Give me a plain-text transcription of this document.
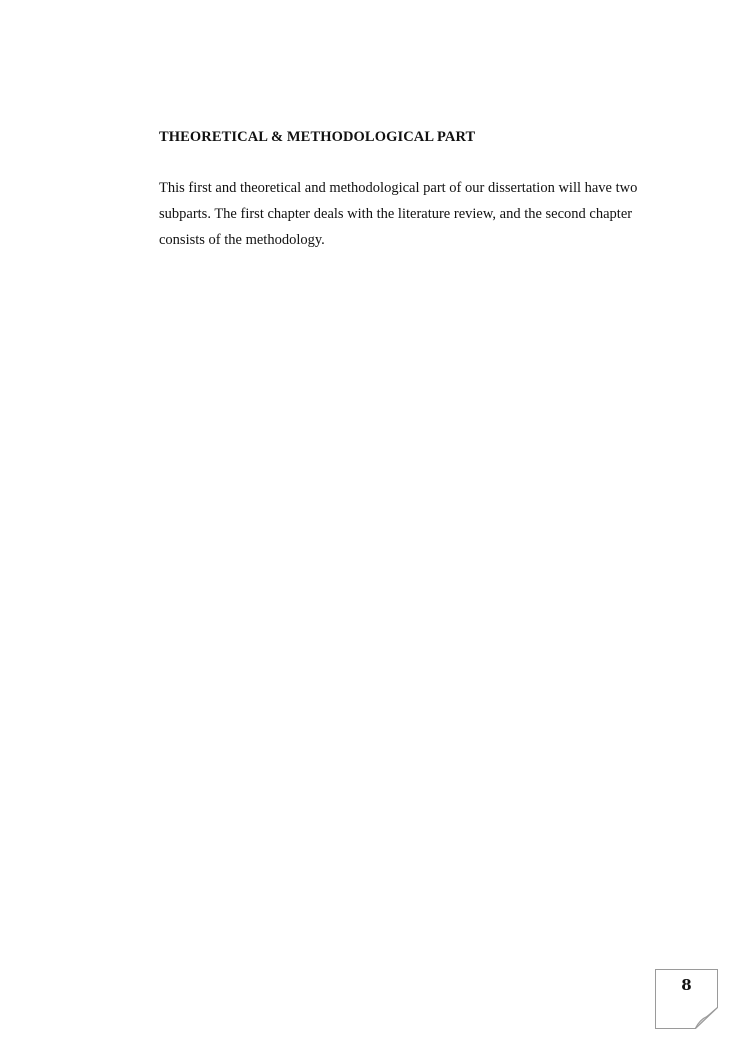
THEORETICAL & METHODOLOGICAL PART

This first and theoretical and methodological part of our dissertation will have two
subparts. The first chapter deals with the literature review, and the second chapter
consists of the methodology.

8
